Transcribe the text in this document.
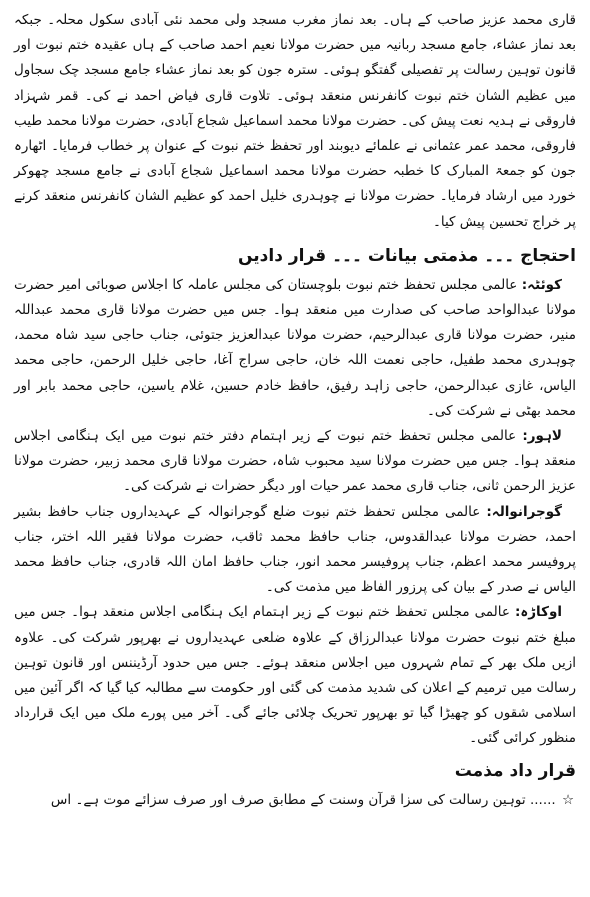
قاری محمد عزیز صاحب کے ہاں۔ بعد نماز مغرب مسجد ولی محمد نئی آبادی سکول محلہ۔ جبکہ بعد نماز عشاء، جامع مسجد ربانیہ میں حضرت مولانا نعیم احمد صاحب کے ہاں عقیدہ ختم نبوت اور قانون توہین رسالت پر تفصیلی گفتگو ہوئی۔ سترہ جون کو بعد نماز عشاء جامع مسجد چک سجاول میں عظیم الشان ختم نبوت کانفرنس منعقد ہوئی۔ تلاوت قاری فیاض احمد نے کی۔ قمر شہزاد فاروقی نے ہدیہ نعت پیش کی۔ حضرت مولانا محمد اسماعیل شجاع آبادی، حضرت مولانا محمد طیب فاروقی، محمد عمر عثمانی نے علمائے دیوبند اور تحفظ ختم نبوت کے عنوان پر خطاب فرمایا۔ اٹھارہ جون کو جمعۃ المبارک کا خطبہ حضرت مولانا محمد اسماعیل شجاع آبادی نے جامع مسجد چھوکر خورد میں ارشاد فرمایا۔ حضرت مولانا نے چوہدری خلیل احمد کو عظیم الشان کانفرنس منعقد کرنے پر خراج تحسین پیش کیا۔

احتجاج ۔۔۔ مذمتی بیانات ۔۔۔ قرار دادیں

کوئٹہ: عالمی مجلس تحفظ ختم نبوت بلوچستان کی مجلس عاملہ کا اجلاس صوبائی امیر حضرت مولانا عبدالواحد صاحب کی صدارت میں منعقد ہوا۔ جس میں حضرت مولانا قاری محمد عبداللہ منیر، حضرت مولانا قاری عبدالرحیم، حضرت مولانا عبدالعزیز جتوئی، جناب حاجی سید شاہ محمد، چوہدری محمد طفیل، حاجی نعمت اللہ خان، حاجی سراج آغا، حاجی خلیل الرحمن، حاجی محمد الیاس، غازی عبدالرحمن، حاجی زاہد رفیق، حافظ خادم حسین، غلام یاسین، حاجی محمد بابر اور محمد بھٹی نے شرکت کی۔

لاہور: عالمی مجلس تحفظ ختم نبوت کے زیر اہتمام دفتر ختم نبوت میں ایک ہنگامی اجلاس منعقد ہوا۔ جس میں حضرت مولانا سید محبوب شاہ، حضرت مولانا قاری محمد زبیر، حضرت مولانا عزیز الرحمن ثانی، جناب قاری محمد عمر حیات اور دیگر حضرات نے شرکت کی۔

گوجرانوالہ: عالمی مجلس تحفظ ختم نبوت ضلع گوجرانوالہ کے عہدیداروں جناب حافظ بشیر احمد، حضرت مولانا عبدالقدوس، جناب حافظ محمد ثاقب، حضرت مولانا فقیر اللہ اختر، جناب پروفیسر محمد اعظم، جناب پروفیسر محمد انور، جناب حافظ امان اللہ قادری، جناب حافظ محمد الیاس نے صدر کے بیان کی پرزور الفاظ میں مذمت کی۔

اوکاڑہ: عالمی مجلس تحفظ ختم نبوت کے زیر اہتمام ایک ہنگامی اجلاس منعقد ہوا۔ جس میں مبلغ ختم نبوت حضرت مولانا عبدالرزاق کے علاوہ ضلعی عہدیداروں نے بھرپور شرکت کی۔ علاوہ ازیں ملک بھر کے تمام شہروں میں اجلاس منعقد ہوئے۔ جس میں حدود آرڈیننس اور قانون توہین رسالت میں ترمیم کے اعلان کی شدید مذمت کی گئی اور حکومت سے مطالبہ کیا گیا کہ اگر آئین میں اسلامی شقوں کو چھیڑا گیا تو بھرپور تحریک چلائی جائے گی۔ آخر میں پورے ملک میں ایک قرارداد منظور کرائی گئی۔

قرار داد مذمت

☆ ...... توہین رسالت کی سزا قرآن وسنت کے مطابق صرف اور صرف سزائے موت ہے۔ اس
